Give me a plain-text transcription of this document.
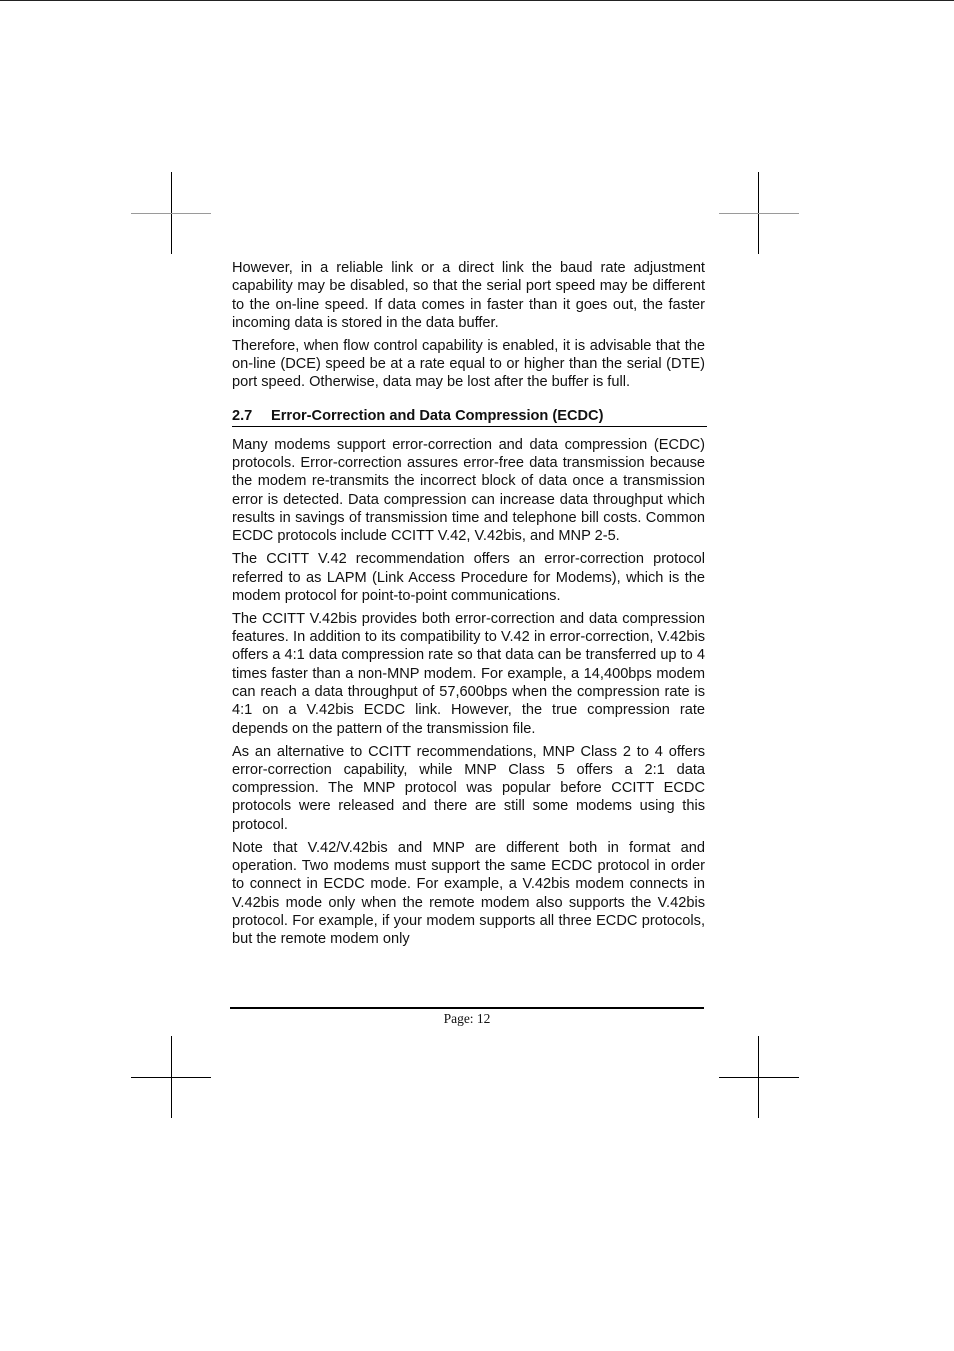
However, in a reliable link or a direct link the baud rate adjustment capability may be disabled, so that the serial port speed may be different to the on-line speed. If data comes in faster than it goes out, the faster incoming data is stored in the data buffer.

Therefore, when flow control capability is enabled, it is advisable that the on-line (DCE) speed be at a rate equal to or higher than the serial (DTE) port speed. Otherwise, data may be lost after the buffer is full.

2.7	Error-Correction and Data Compression (ECDC)

Many modems support error-correction and data compression (ECDC) protocols. Error-correction assures error-free data transmission because the modem re-transmits the incorrect block of data once a transmission error is detected. Data compression can increase data throughput which results in savings of transmission time and telephone bill costs. Common ECDC protocols include CCITT V.42, V.42bis, and MNP 2-5.

The CCITT V.42 recommendation offers an error-correction protocol referred to as LAPM (Link Access Procedure for Modems), which is the modem protocol for point-to-point communications.

The CCITT V.42bis provides both error-correction and data compression features. In addition to its compatibility to V.42 in error-correction, V.42bis offers a 4:1 data compression rate so that data can be transferred up to 4 times faster than a non-MNP modem. For example, a 14,400bps modem can reach a data throughput of 57,600bps when the compression rate is 4:1 on a V.42bis ECDC link. However, the true compression rate depends on the pattern of the transmission file.

As an alternative to CCITT recommendations, MNP Class 2 to 4 offers error-correction capability, while MNP Class 5 offers a 2:1 data compression. The MNP protocol was popular before CCITT ECDC protocols were released and there are still some modems using this protocol.

Note that V.42/V.42bis and MNP are different both in format and operation. Two modems must support the same ECDC protocol in order to connect in ECDC mode. For example, a V.42bis modem connects in V.42bis mode only when the remote modem also supports the V.42bis protocol. For example, if your modem supports all three ECDC protocols, but the remote modem only

Page: 12
